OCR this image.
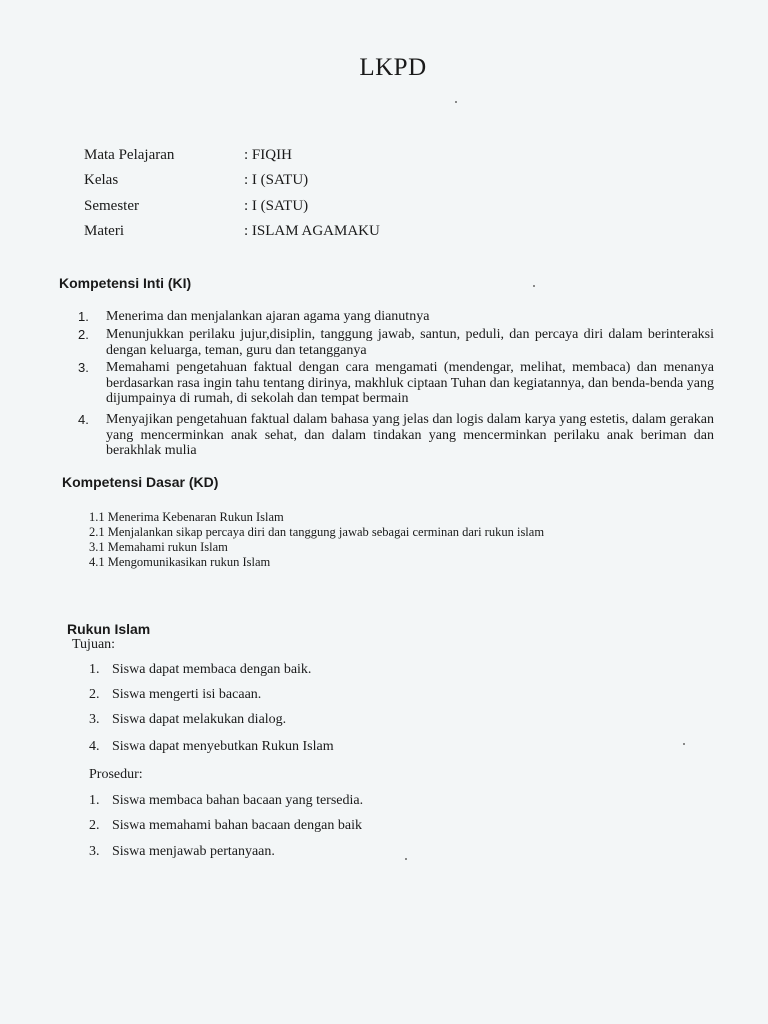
LKPD
Mata Pelajaran	: FIQIH
Kelas	: I (SATU)
Semester	: I (SATU)
Materi	: ISLAM AGAMAKU
Kompetensi Inti (KI)
1.	Menerima dan menjalankan ajaran agama yang dianutnya
2.	Menunjukkan perilaku jujur,disiplin, tanggung jawab, santun, peduli, dan percaya diri dalam berinteraksi dengan keluarga, teman, guru dan tetangganya
3.	Memahami pengetahuan faktual dengan cara mengamati (mendengar, melihat, membaca) dan menanya berdasarkan rasa ingin tahu tentang dirinya, makhluk ciptaan Tuhan dan kegiatannya, dan benda-benda yang dijumpainya di rumah, di sekolah dan tempat bermain
4.	Menyajikan pengetahuan faktual dalam bahasa yang jelas dan logis dalam karya yang estetis, dalam gerakan yang mencerminkan anak sehat, dan dalam tindakan yang mencerminkan perilaku anak beriman dan berakhlak mulia
Kompetensi Dasar (KD)
1.1 Menerima Kebenaran Rukun Islam
2.1 Menjalankan sikap percaya diri dan tanggung jawab sebagai cerminan dari rukun islam
3.1 Memahami rukun Islam
4.1 Mengomunikasikan rukun Islam
Rukun Islam
Tujuan:
1. Siswa dapat membaca dengan baik.
2. Siswa mengerti isi bacaan.
3. Siswa dapat melakukan dialog.
4. Siswa dapat menyebutkan Rukun Islam
Prosedur:
1. Siswa membaca bahan bacaan yang tersedia.
2. Siswa memahami bahan bacaan dengan baik
3. Siswa menjawab pertanyaan.
